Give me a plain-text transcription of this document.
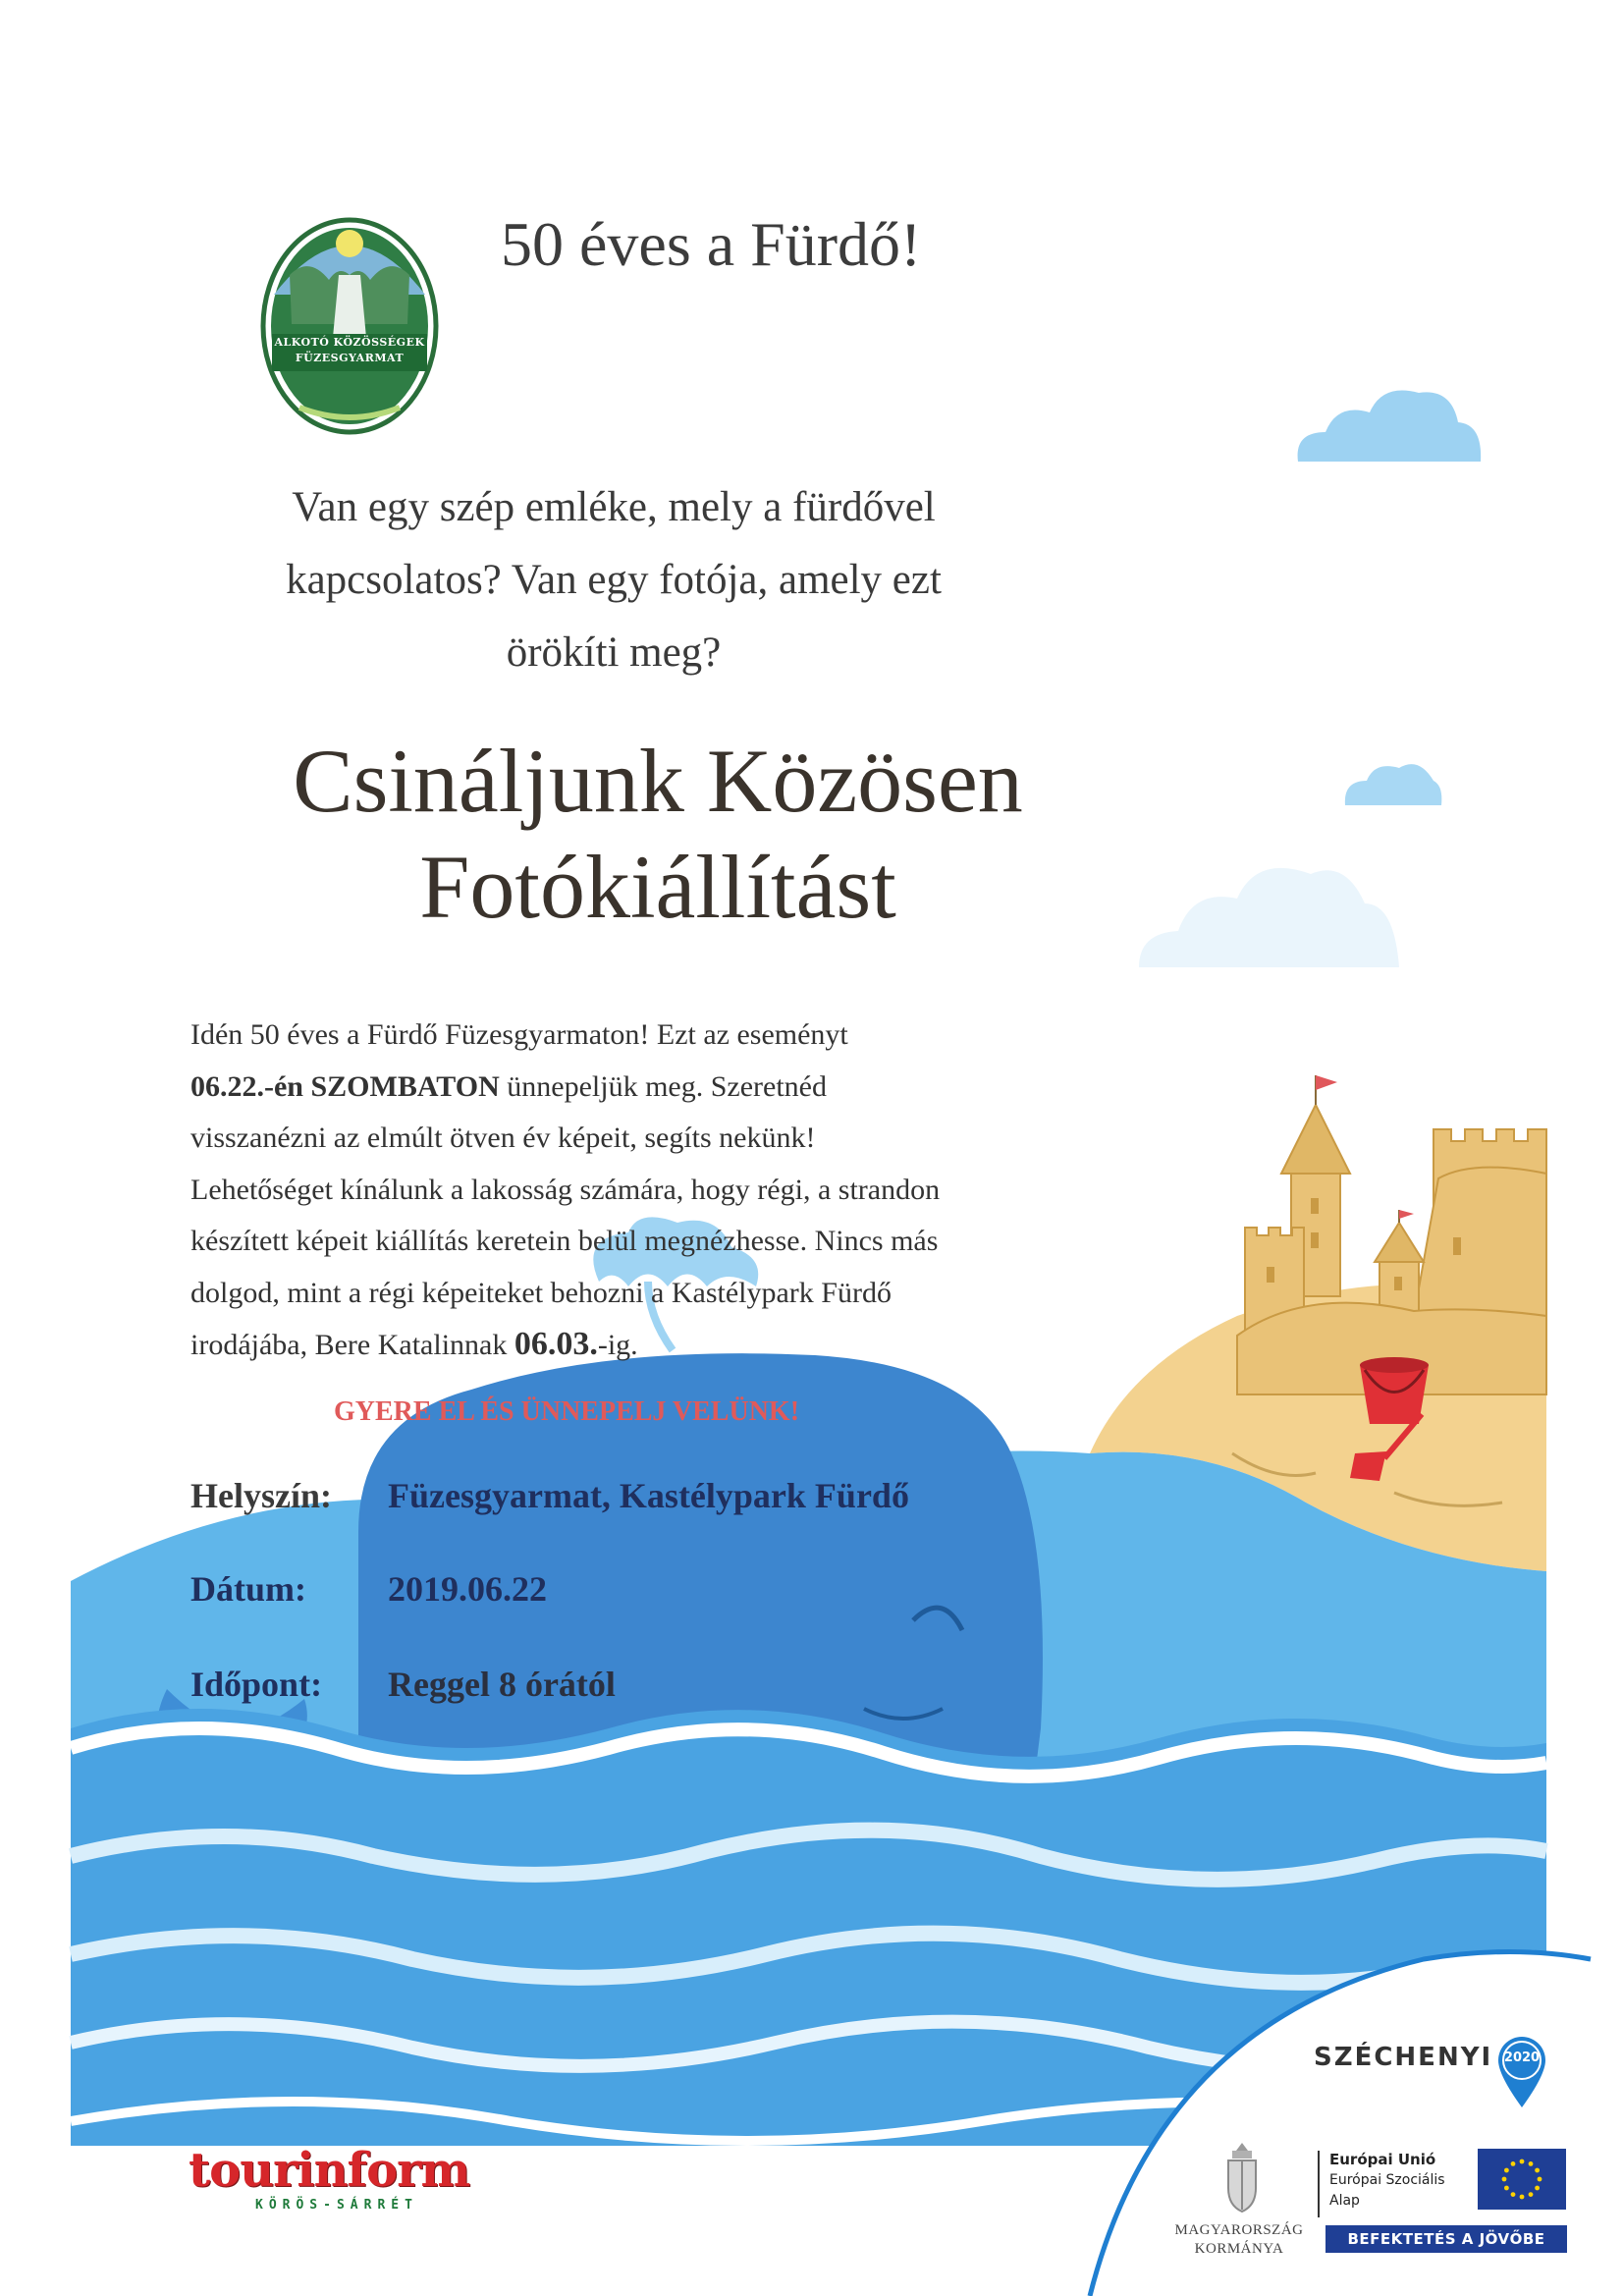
ALKOTÓ KÖZÖSSÉGEK
FÜZESGYARMAT
50 éves a Fürdő!
Van egy szép emléke, mely a fürdővel
kapcsolatos? Van egy fotója, amely ezt
örökíti meg?
Csináljunk Közösen
Fotókiállítást
Idén 50 éves a Fürdő Füzesgyarmaton! Ezt az eseményt
06.22.-én SZOMBATON ünnepeljük meg. Szeretnéd
visszanézni az elmúlt ötven év képeit, segíts nekünk!
Lehetőséget kínálunk a lakosság számára, hogy régi, a strandon
készített képeit kiállítás keretein belül megnézhesse. Nincs más
dolgod, mint a régi képeiteket behozni a Kastélypark Fürdő
irodájába, Bere Katalinnak 06.03.-ig.
GYERE EL ÉS ÜNNEPELJ VELÜNK!
Helyszín: Füzesgyarmat, Kastélypark Fürdő
Dátum: 2019.06.22
Időpont: Reggel 8 órától
tourinform
KÖRÖS-SÁRRÉT
SZÉCHENYI 2020
MAGYARORSZÁG
KORMÁNYA
Európai Unió
Európai Szociális
Alap
BEFEKTETÉS A JÖVŐBE
